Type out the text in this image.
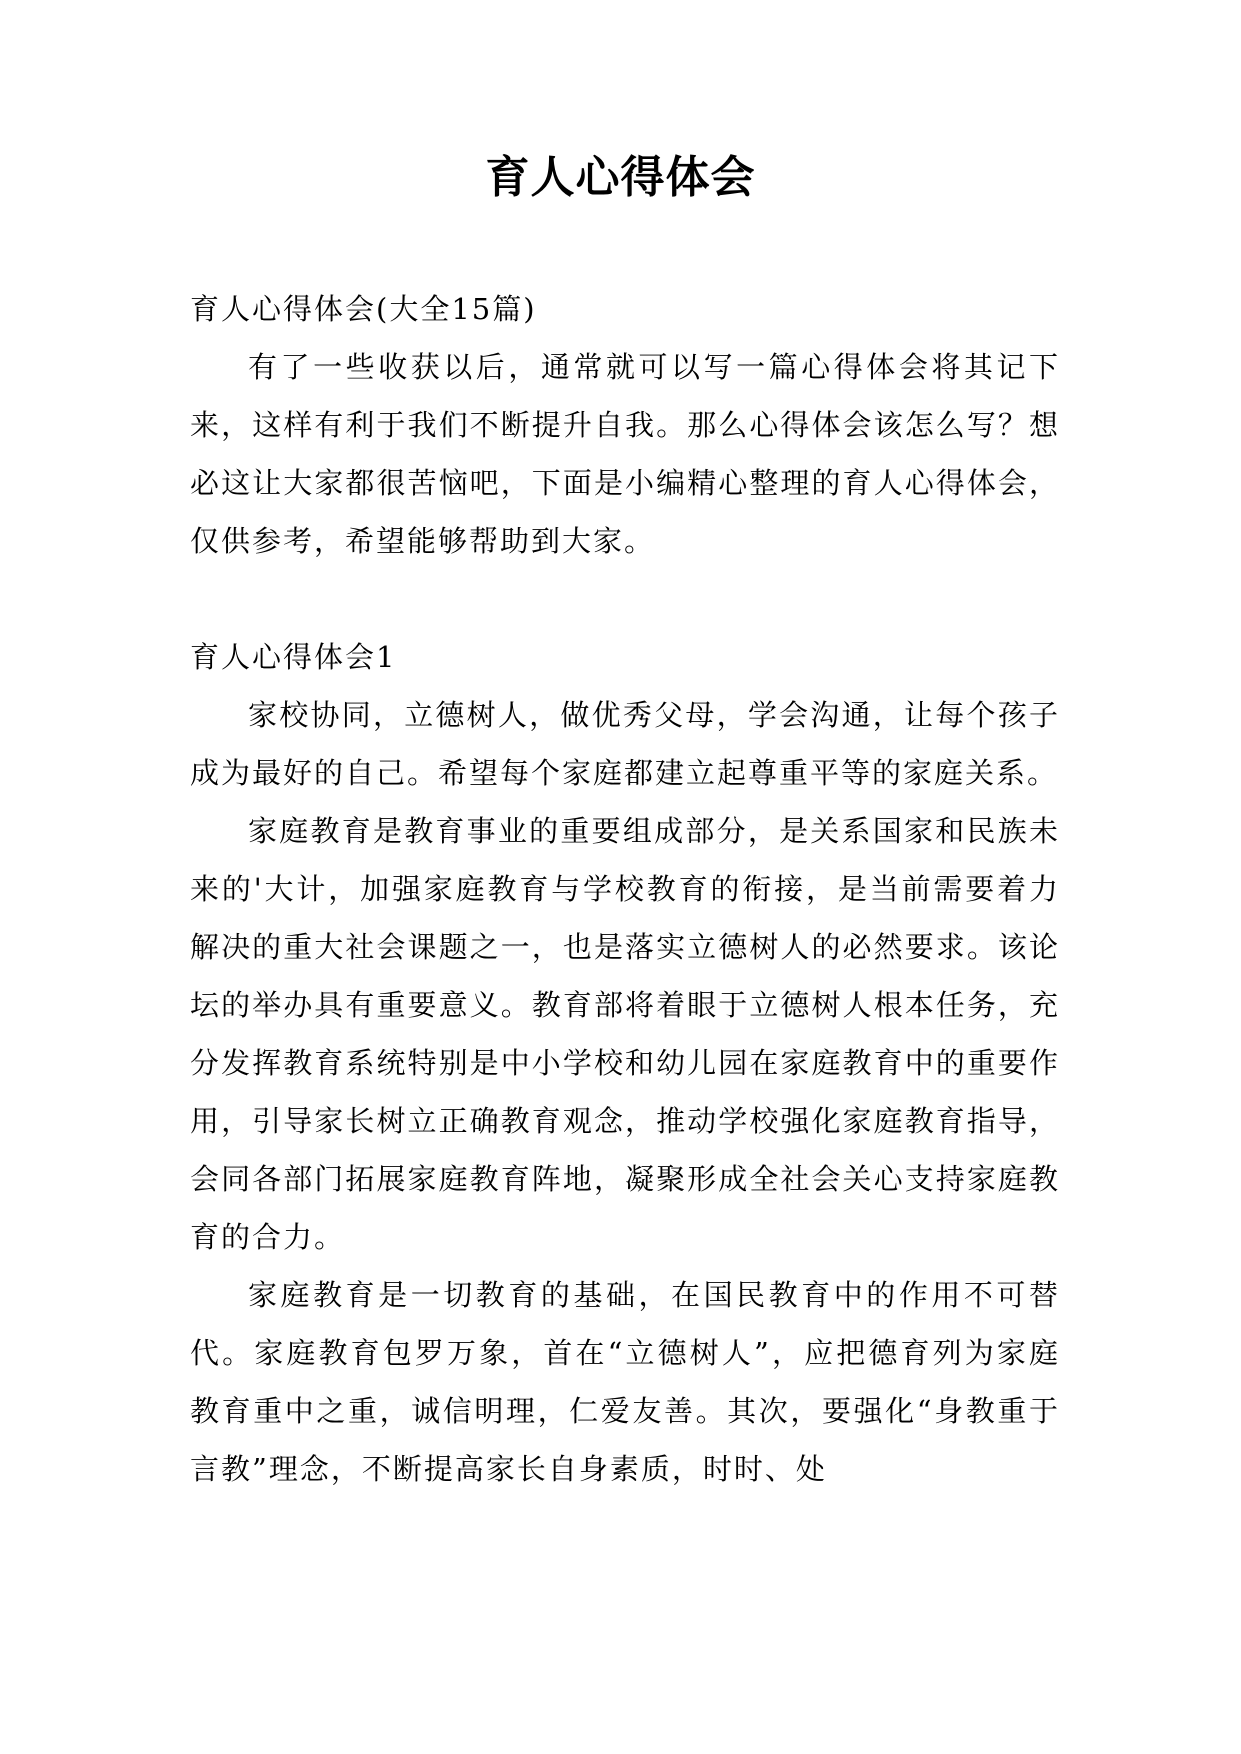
育人心得体会

育人心得体会(大全15篇)

有了一些收获以后，通常就可以写一篇心得体会将其记下来，这样有利于我们不断提升自我。那么心得体会该怎么写？想必这让大家都很苦恼吧，下面是小编精心整理的育人心得体会，仅供参考，希望能够帮助到大家。

育人心得体会1

家校协同，立德树人，做优秀父母，学会沟通，让每个孩子成为最好的自己。希望每个家庭都建立起尊重平等的家庭关系。

家庭教育是教育事业的重要组成部分，是关系国家和民族未来的'大计，加强家庭教育与学校教育的衔接，是当前需要着力解决的重大社会课题之一，也是落实立德树人的必然要求。该论坛的举办具有重要意义。教育部将着眼于立德树人根本任务，充分发挥教育系统特别是中小学校和幼儿园在家庭教育中的重要作用，引导家长树立正确教育观念，推动学校强化家庭教育指导，会同各部门拓展家庭教育阵地，凝聚形成全社会关心支持家庭教育的合力。

家庭教育是一切教育的基础，在国民教育中的作用不可替代。家庭教育包罗万象，首在“立德树人”，应把德育列为家庭教育重中之重，诚信明理，仁爱友善。其次，要强化“身教重于言教”理念，不断提高家长自身素质，时时、处
